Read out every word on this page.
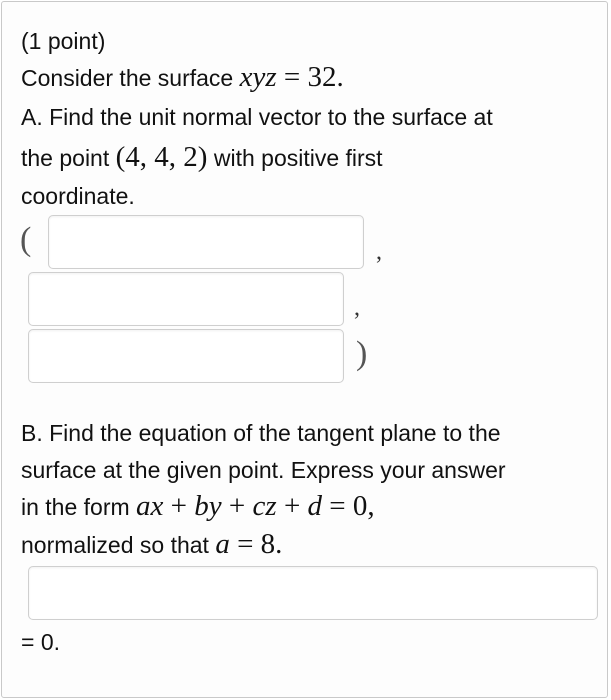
(1 point)
Consider the surface xyz = 32.
A. Find the unit normal vector to the surface at
the point (4, 4, 2) with positive first
coordinate.
(	,
,
)
B. Find the equation of the tangent plane to the
surface at the given point. Express your answer
in the form ax + by + cz + d = 0,
normalized so that a = 8.
= 0.
